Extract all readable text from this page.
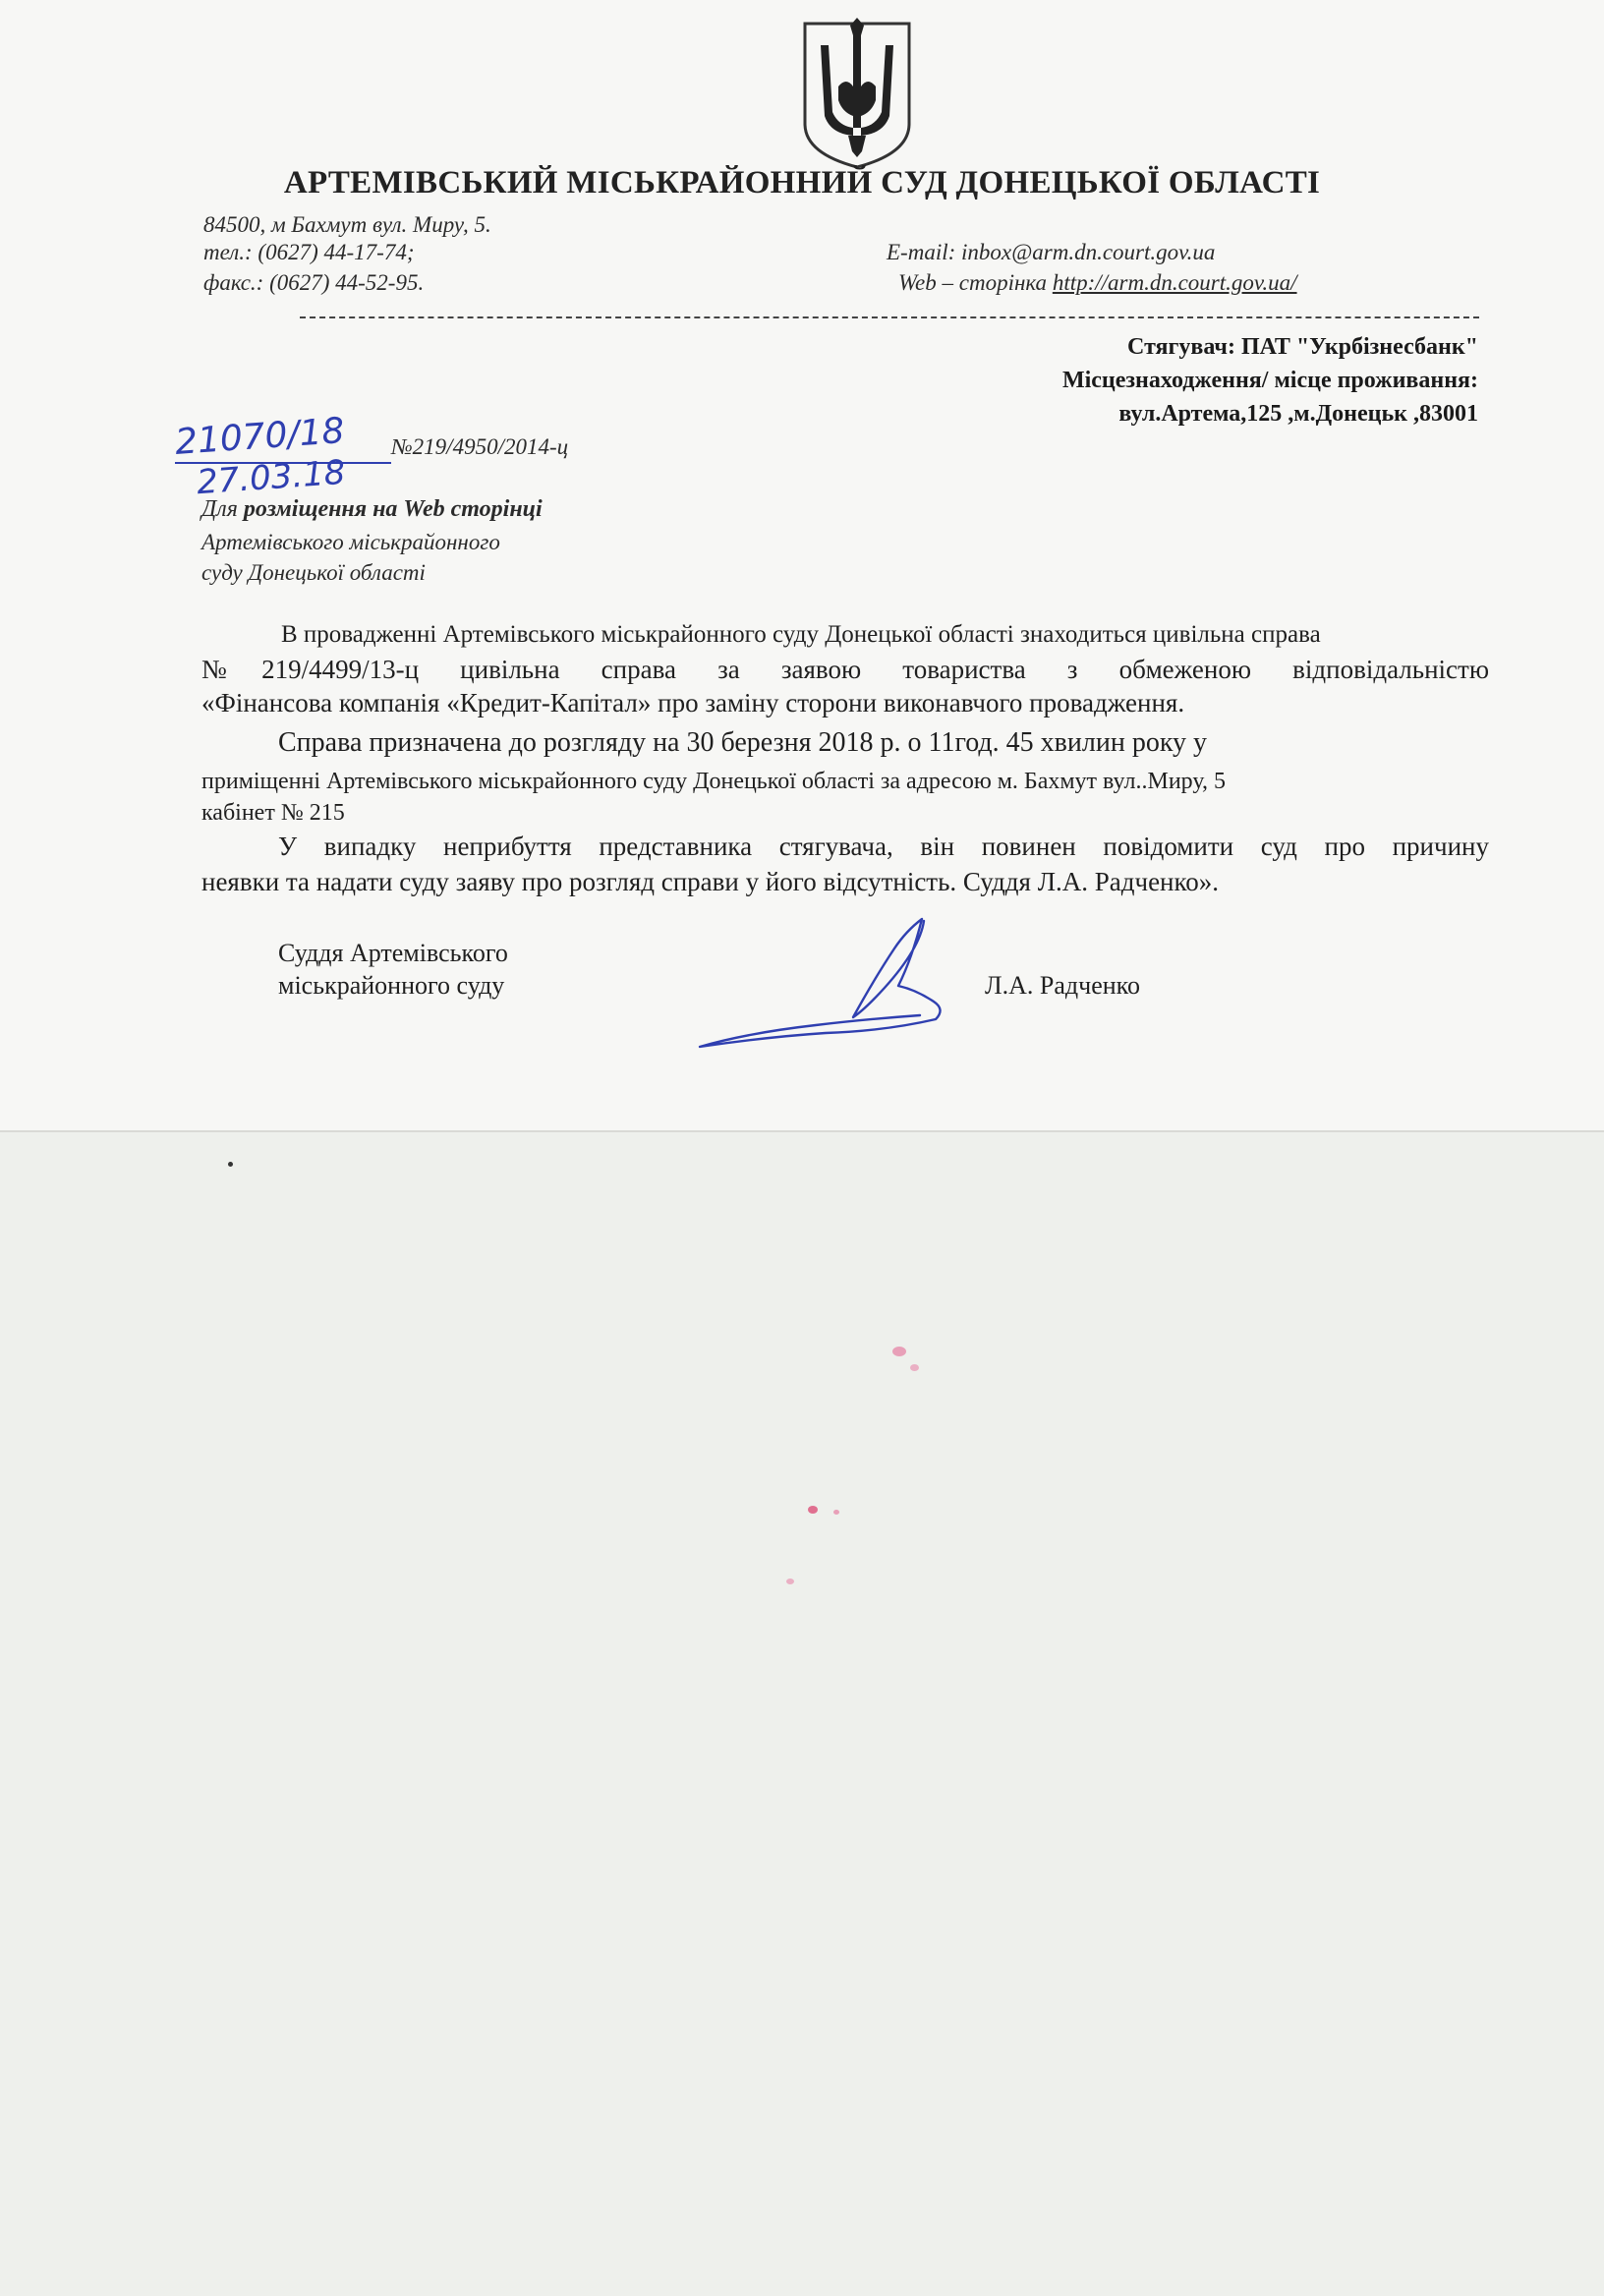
АРТЕМІВСЬКИЙ МІСЬКРАЙОННИЙ СУД ДОНЕЦЬКОЇ ОБЛАСТІ
84500, м Бахмут вул. Миру, 5.
тел.: (0627) 44-17-74;
факс.: (0627) 44-52-95.
E-mail: inbox@arm.dn.court.gov.ua
Web – сторінка http://arm.dn.court.gov.ua/
Стягувач: ПАТ "Укрбізнесбанк"
Місцезнаходження/ місце проживання:
вул.Артема,125 ,м.Донецьк ,83001
21070/18
27.03.18
№219/4950/2014-ц
Для розміщення на Web сторінці
Артемівського міськрайонного
суду Донецької області
В провадженні Артемівського міськрайонного суду Донецької області знаходиться цивільна справа
№219/4499/13-ц цивільна справа за заявою товариства з обмеженою відповідальністю
«Фінансова компанія «Кредит-Капітал» про заміну сторони виконавчого провадження.
Справа призначена до розгляду на 30 березня 2018 р. о 11год. 45 хвилин року у
приміщенні Артемівського міськрайонного суду Донецької області за адресою м. Бахмут вул..Миру, 5
кабінет № 215
У випадку неприбуття представника стягувача, він повинен повідомити суд про причину
неявки та надати суду заяву про розгляд справи у його відсутність. Суддя Л.А. Радченко».
Суддя Артемівського
міськрайонного суду	Л.А. Радченко
